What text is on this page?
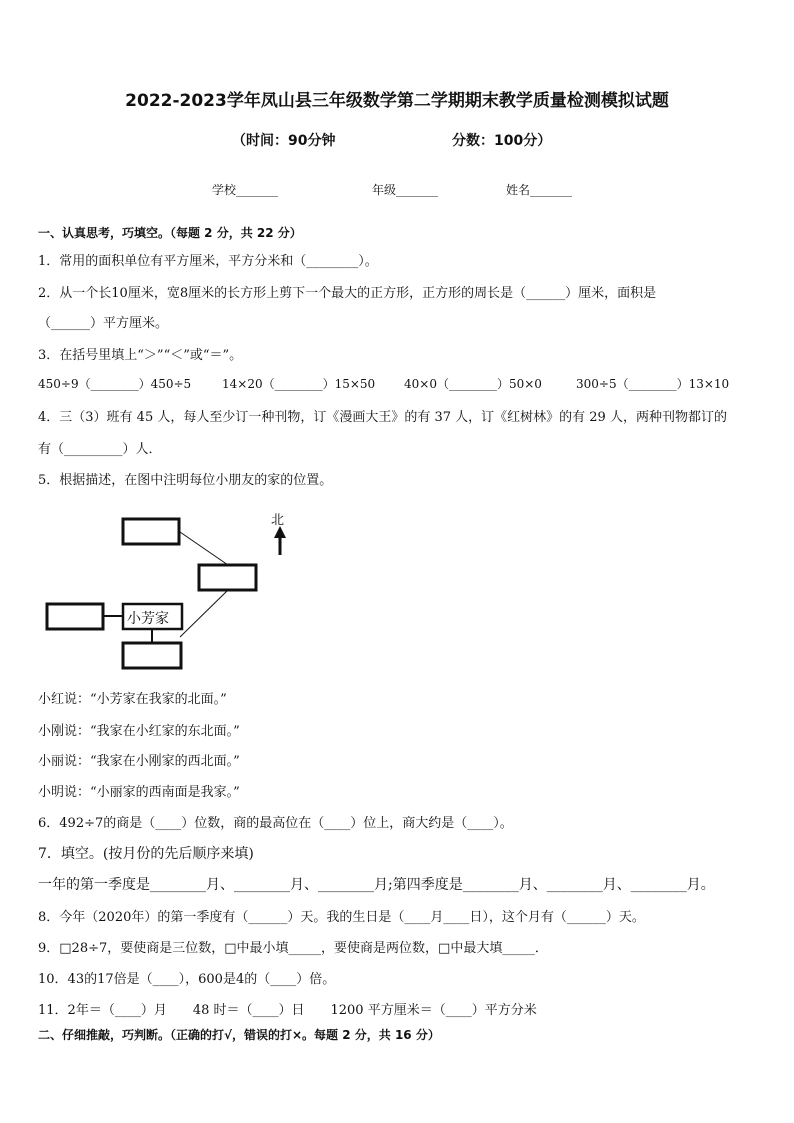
2022-2023学年凤山县三年级数学第二学期期末教学质量检测模拟试题
（时间：90分钟	分数：100分）
学校_______	年级_______	姓名_______
一、认真思考，巧填空。（每题 2 分，共 22 分）
1．常用的面积单位有平方厘米，平方分米和（________）。
2．从一个长10厘米，宽8厘米的长方形上剪下一个最大的正方形，正方形的周长是（______）厘米，面积是
（______）平方厘米。
3．在括号里填上“＞”“＜”或“＝”。
450÷9（________）450÷5	14×20（________）15×50 40×0（________）50×0	300÷5（________）13×10
4．三（3）班有 45 人，每人至少订一种刊物，订《漫画大王》的有 37 人，订《红树林》的有 29 人，两种刊物都订的
有（_________）人．
5．根据描述，在图中注明每位小朋友的家的位置。
北
小芳家
小红说：“小芳家在我家的北面。”
小刚说：“我家在小红家的东北面。”
小丽说：“我家在小刚家的西北面。”
小明说：“小丽家的西南面是我家。”
6．492÷7的商是（____）位数，商的最高位在（____）位上，商大约是（____）。
7．填空。(按月份的先后顺序来填)
一年的第一季度是________月、________月、________月;第四季度是________月、________月、________月。
8．今年（2020年）的第一季度有（______）天。我的生日是（____月____日），这个月有（______）天。
9．□28÷7，要使商是三位数，□中最小填_____，要使商是两位数，□中最大填_____．
10．43的17倍是（____），600是4的（____）倍。
11．2年＝（____）月　　48 时＝（____）日　　1200 平方厘米＝（____）平方分米
二、仔细推敲，巧判断。（正确的打√，错误的打×。每题 2 分，共 16 分）
